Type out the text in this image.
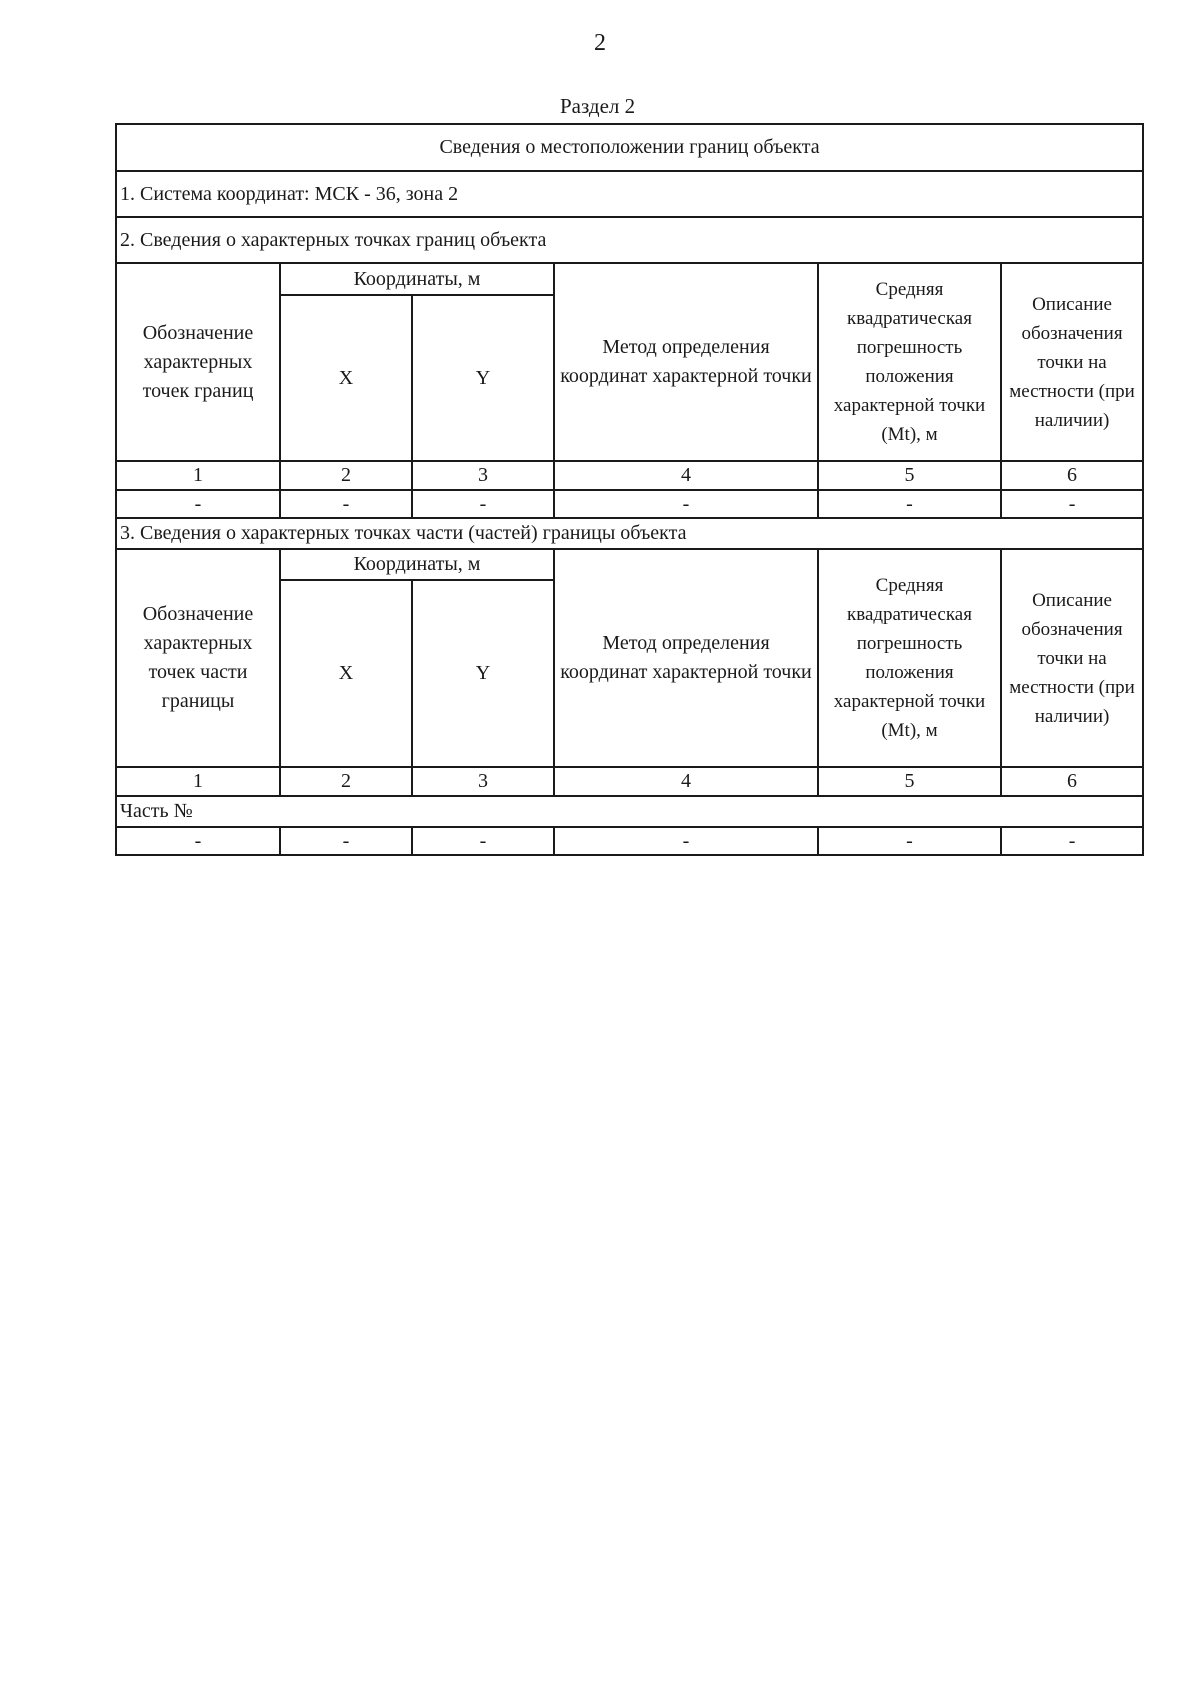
2
Раздел 2
Сведения о местоположении границ объекта					
1. Система координат: МСК - 36, зона 2					
2. Сведения о характерных точках границ объекта					
Обозначение характерных точек границ	Координаты, м		Метод определения координат характерной точки	Средняя квадратическая погрешность положения характерной точки (Mt), м	Описание обозначения точки на местности (при наличии)
	X	Y			
1	2	3	4	5	6
-	-	-	-	-	-
3. Сведения о характерных точках части (частей) границы объекта					
Обозначение характерных точек части границы	Координаты, м		Метод определения координат характерной точки	Средняя квадратическая погрешность положения характерной точки (Mt), м	Описание обозначения точки на местности (при наличии)
	X	Y			
1	2	3	4	5	6
Часть №					
-	-	-	-	-	-
